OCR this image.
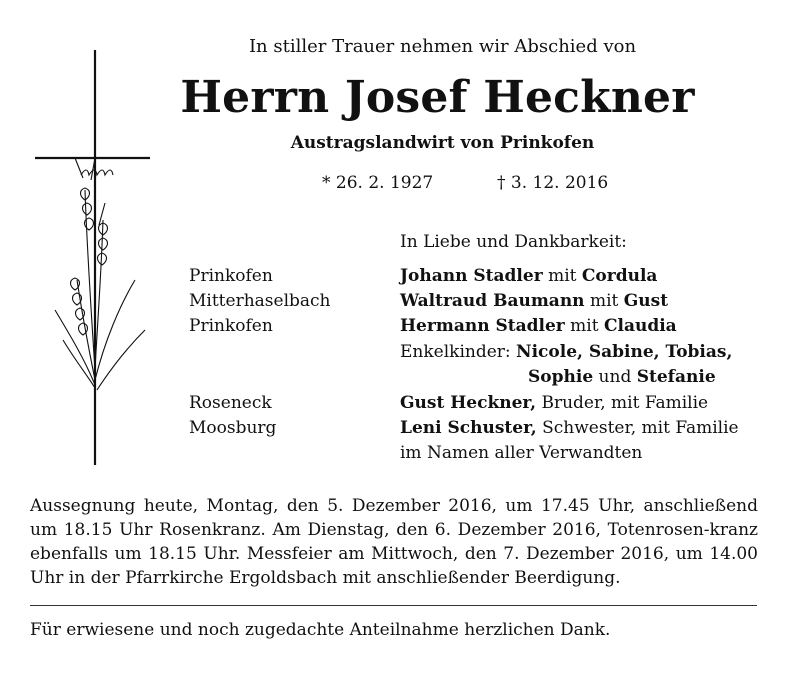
In stiller Trauer nehmen wir Abschied von
Herrn Josef Heckner
Austragslandwirt von Prinkofen
* 26. 2. 1927	† 3. 12. 2016
In Liebe und Dankbarkeit:
Prinkofen	Johann Stadler mit Cordula
Mitterhaselbach	Waltraud Baumann mit Gust
Prinkofen	Hermann Stadler mit Claudia
Enkelkinder: Nicole, Sabine, Tobias,
Sophie und Stefanie
Roseneck	Gust Heckner, Bruder, mit Familie
Moosburg	Leni Schuster, Schwester, mit Familie
im Namen aller Verwandten
Aussegnung heute, Montag, den 5. Dezember 2016, um 17.45 Uhr, anschließend um 18.15 Uhr Rosenkranz. Am Dienstag, den 6. Dezember 2016, Totenrosen-kranz ebenfalls um 18.15 Uhr. Messfeier am Mittwoch, den 7. Dezember 2016, um 14.00 Uhr in der Pfarrkirche Ergoldsbach mit anschließender Beerdigung.
Für erwiesene und noch zugedachte Anteilnahme herzlichen Dank.
